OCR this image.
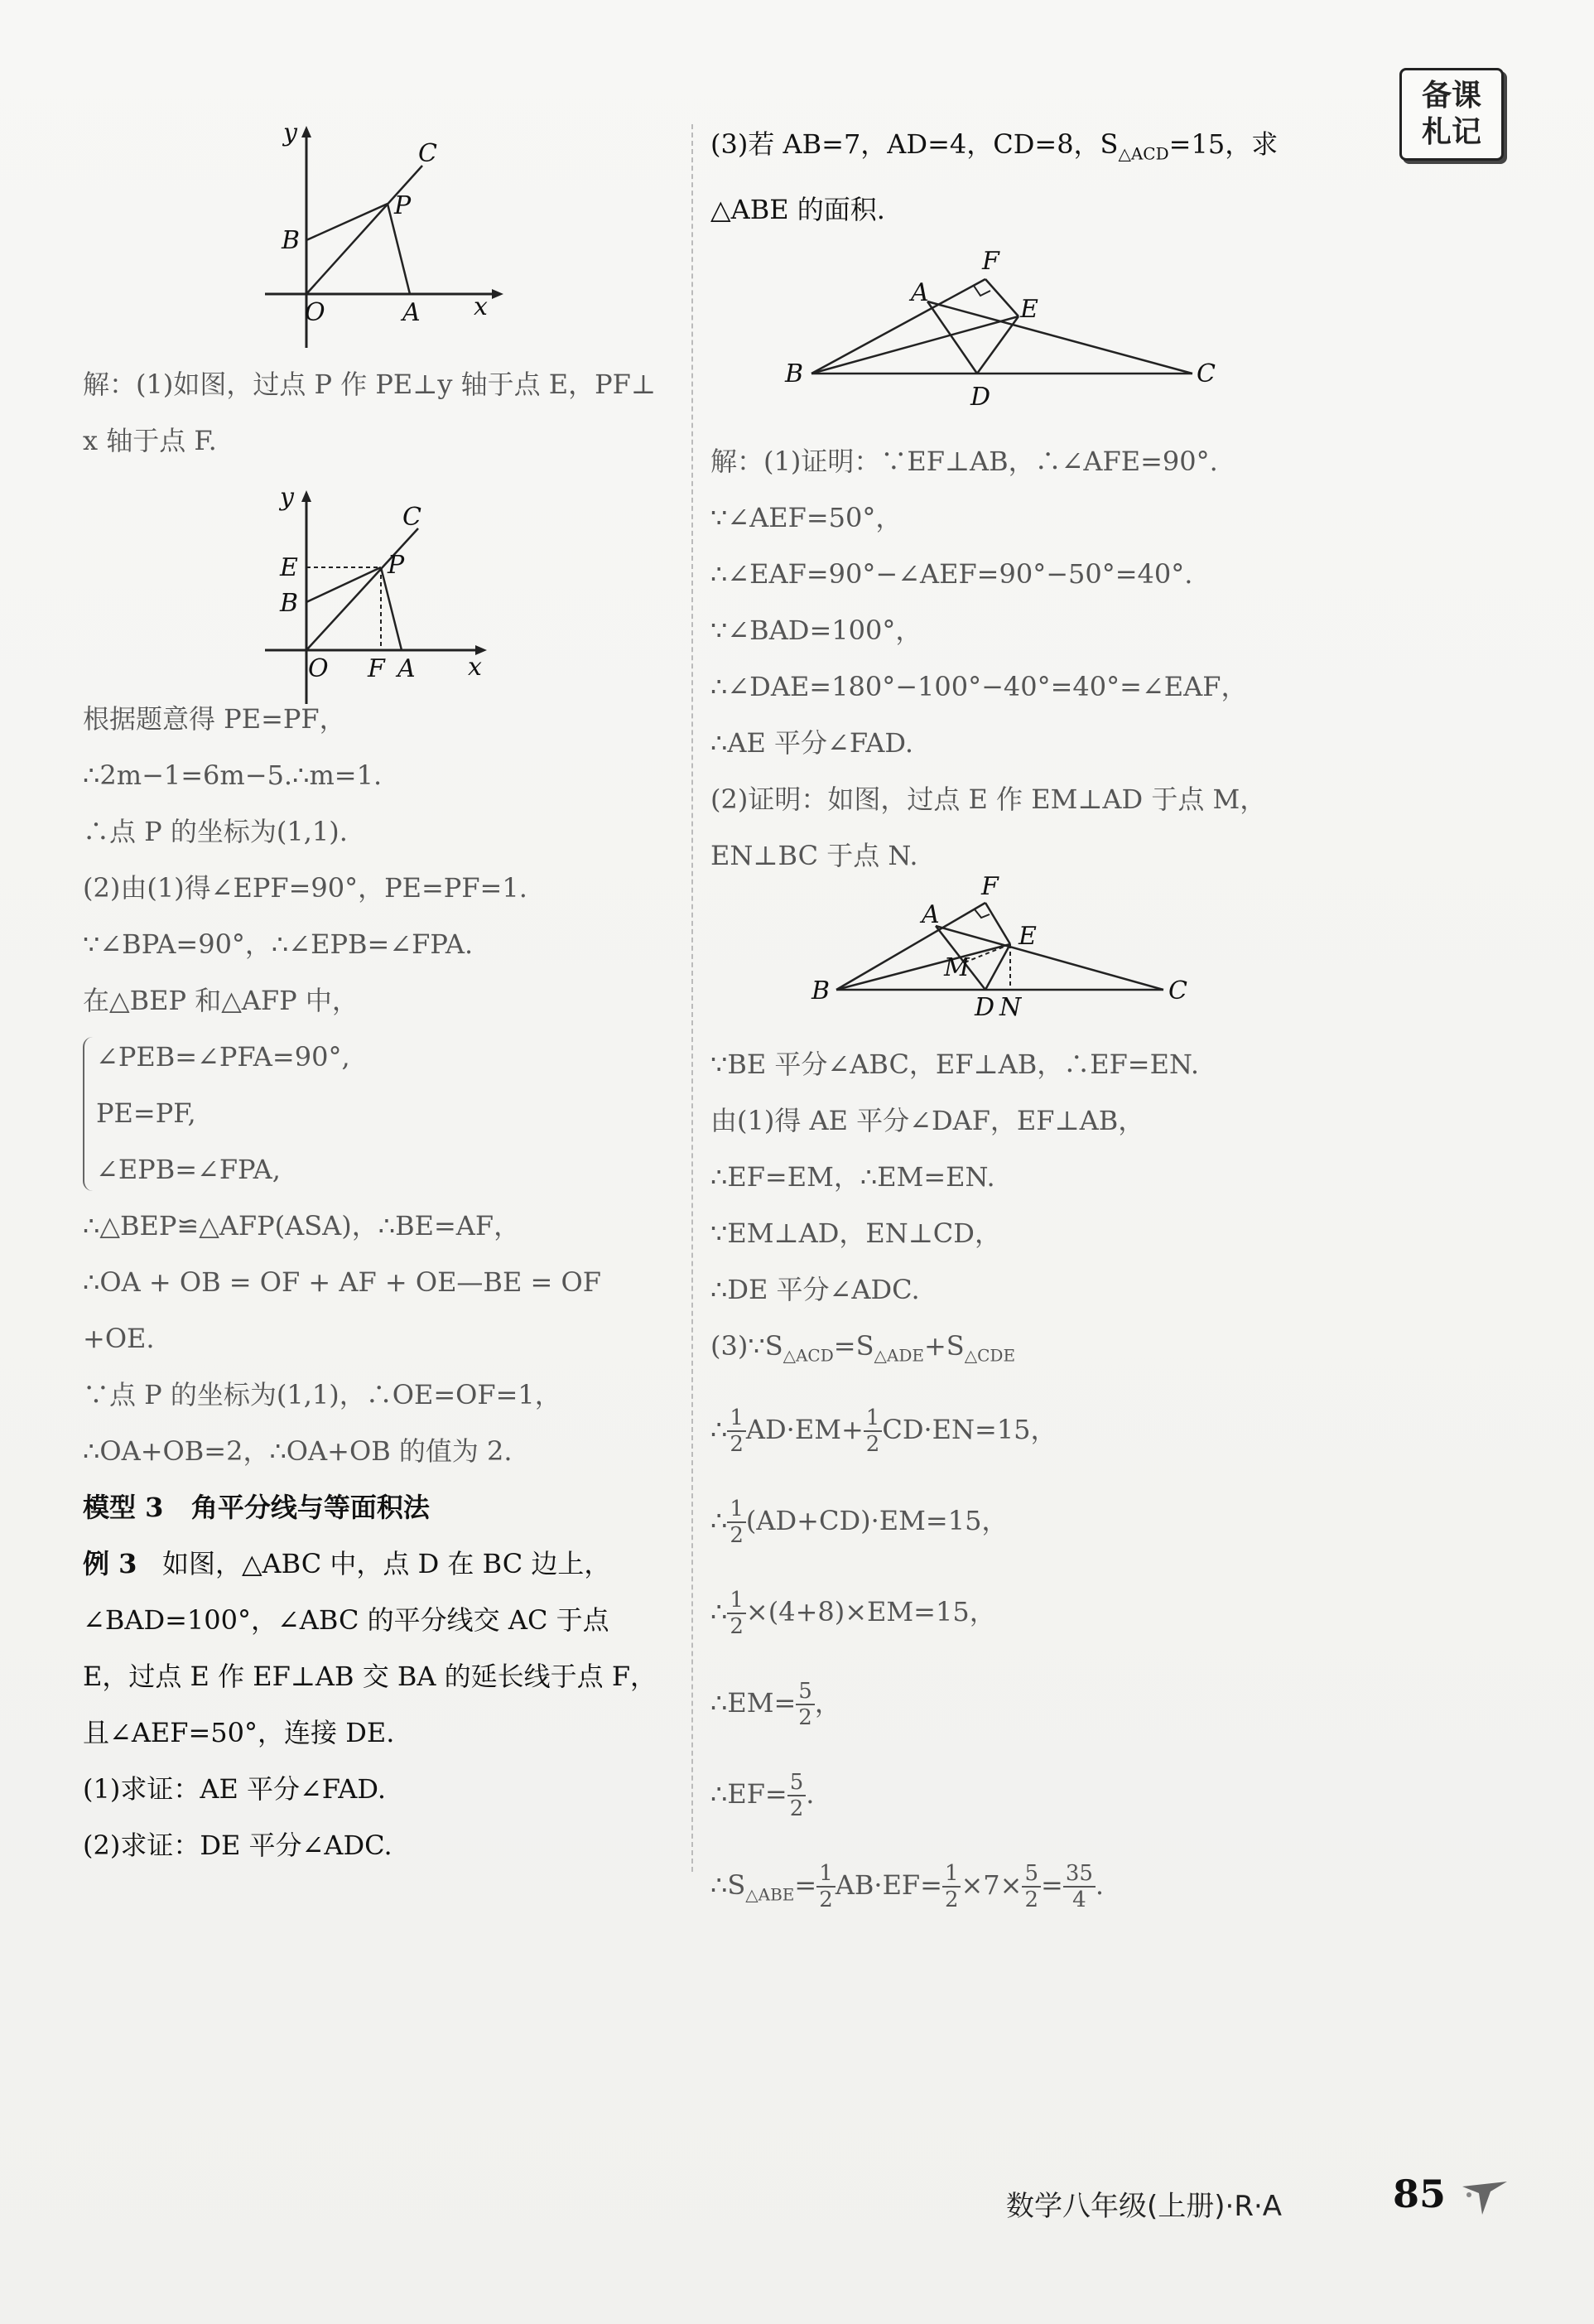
备课
札记
y
x
O	A
B
C
P
y
x
O F A
E
B
C
P
B	C
A
F
E
D
B	C
A
F
E
M
D N
解：(1)如图，过点 P 作 PE⊥y 轴于点 E，PF⊥
x 轴于点 F.
根据题意得 PE=PF，
∴2m−1=6m−5.∴m=1.
∴点 P 的坐标为(1,1).
(2)由(1)得∠EPF=90°，PE=PF=1.
∵∠BPA=90°，∴∠EPB=∠FPA.
在△BEP 和△AFP 中，
∠PEB=∠PFA=90°,
PE=PF,
∠EPB=∠FPA,
∴△BEP≌△AFP(ASA)，∴BE=AF，
∴OA + OB = OF + AF + OE—BE = OF
+OE.
∵点 P 的坐标为(1,1)，∴OE=OF=1，
∴OA+OB=2，∴OA+OB 的值为 2.
模型 3 角平分线与等面积法
例 3 如图，△ABC 中，点 D 在 BC 边上，
∠BAD=100°，∠ABC 的平分线交 AC 于点
E，过点 E 作 EF⊥AB 交 BA 的延长线于点 F，
且∠AEF=50°，连接 DE.
(1)求证：AE 平分∠FAD.
(2)求证：DE 平分∠ADC.
(3)若 AB=7，AD=4，CD=8，$S_{\triangle ACD}=15$，求
△ABE 的面积.
解：(1)证明：∵EF⊥AB，∴∠AFE=90°.
∵∠AEF=50°，
∴∠EAF=90°−∠AEF=90°−50°=40°.
∵∠BAD=100°，
∴∠DAE=180°−100°−40°=40°=∠EAF，
∴AE 平分∠FAD.
(2)证明：如图，过点 E 作 EM⊥AD 于点 M，
EN⊥BC 于点 N.
∵BE 平分∠ABC，EF⊥AB，∴EF=EN.
由(1)得 AE 平分∠DAF，EF⊥AB，
∴EF=EM，∴EM=EN.
∵EM⊥AD，EN⊥CD，
∴DE 平分∠ADC.
$(3)\because S_{\triangle ACD}=S_{\triangle ADE}+S_{\triangle CDE}$
∴ $\frac{1}{2} AD\cdot EM+ \frac{1}{2} CD\cdot EN=15$，
∴ $\frac{1}{2} (AD+CD)\cdot EM=15$，
∴ $\frac{1}{2} \times(4+8)\times EM=15$，
∴EM= $\frac{5}{2}$ ，
∴EF= $\frac{5}{2}$ .
$\therefore S_{\triangle ABE}= \frac{1}{2} AB\cdot EF= \frac{1}{2} \times 7\times \frac{5}{2} = \frac{35}{4}$ .
数学八年级(上册)·R·A	85
